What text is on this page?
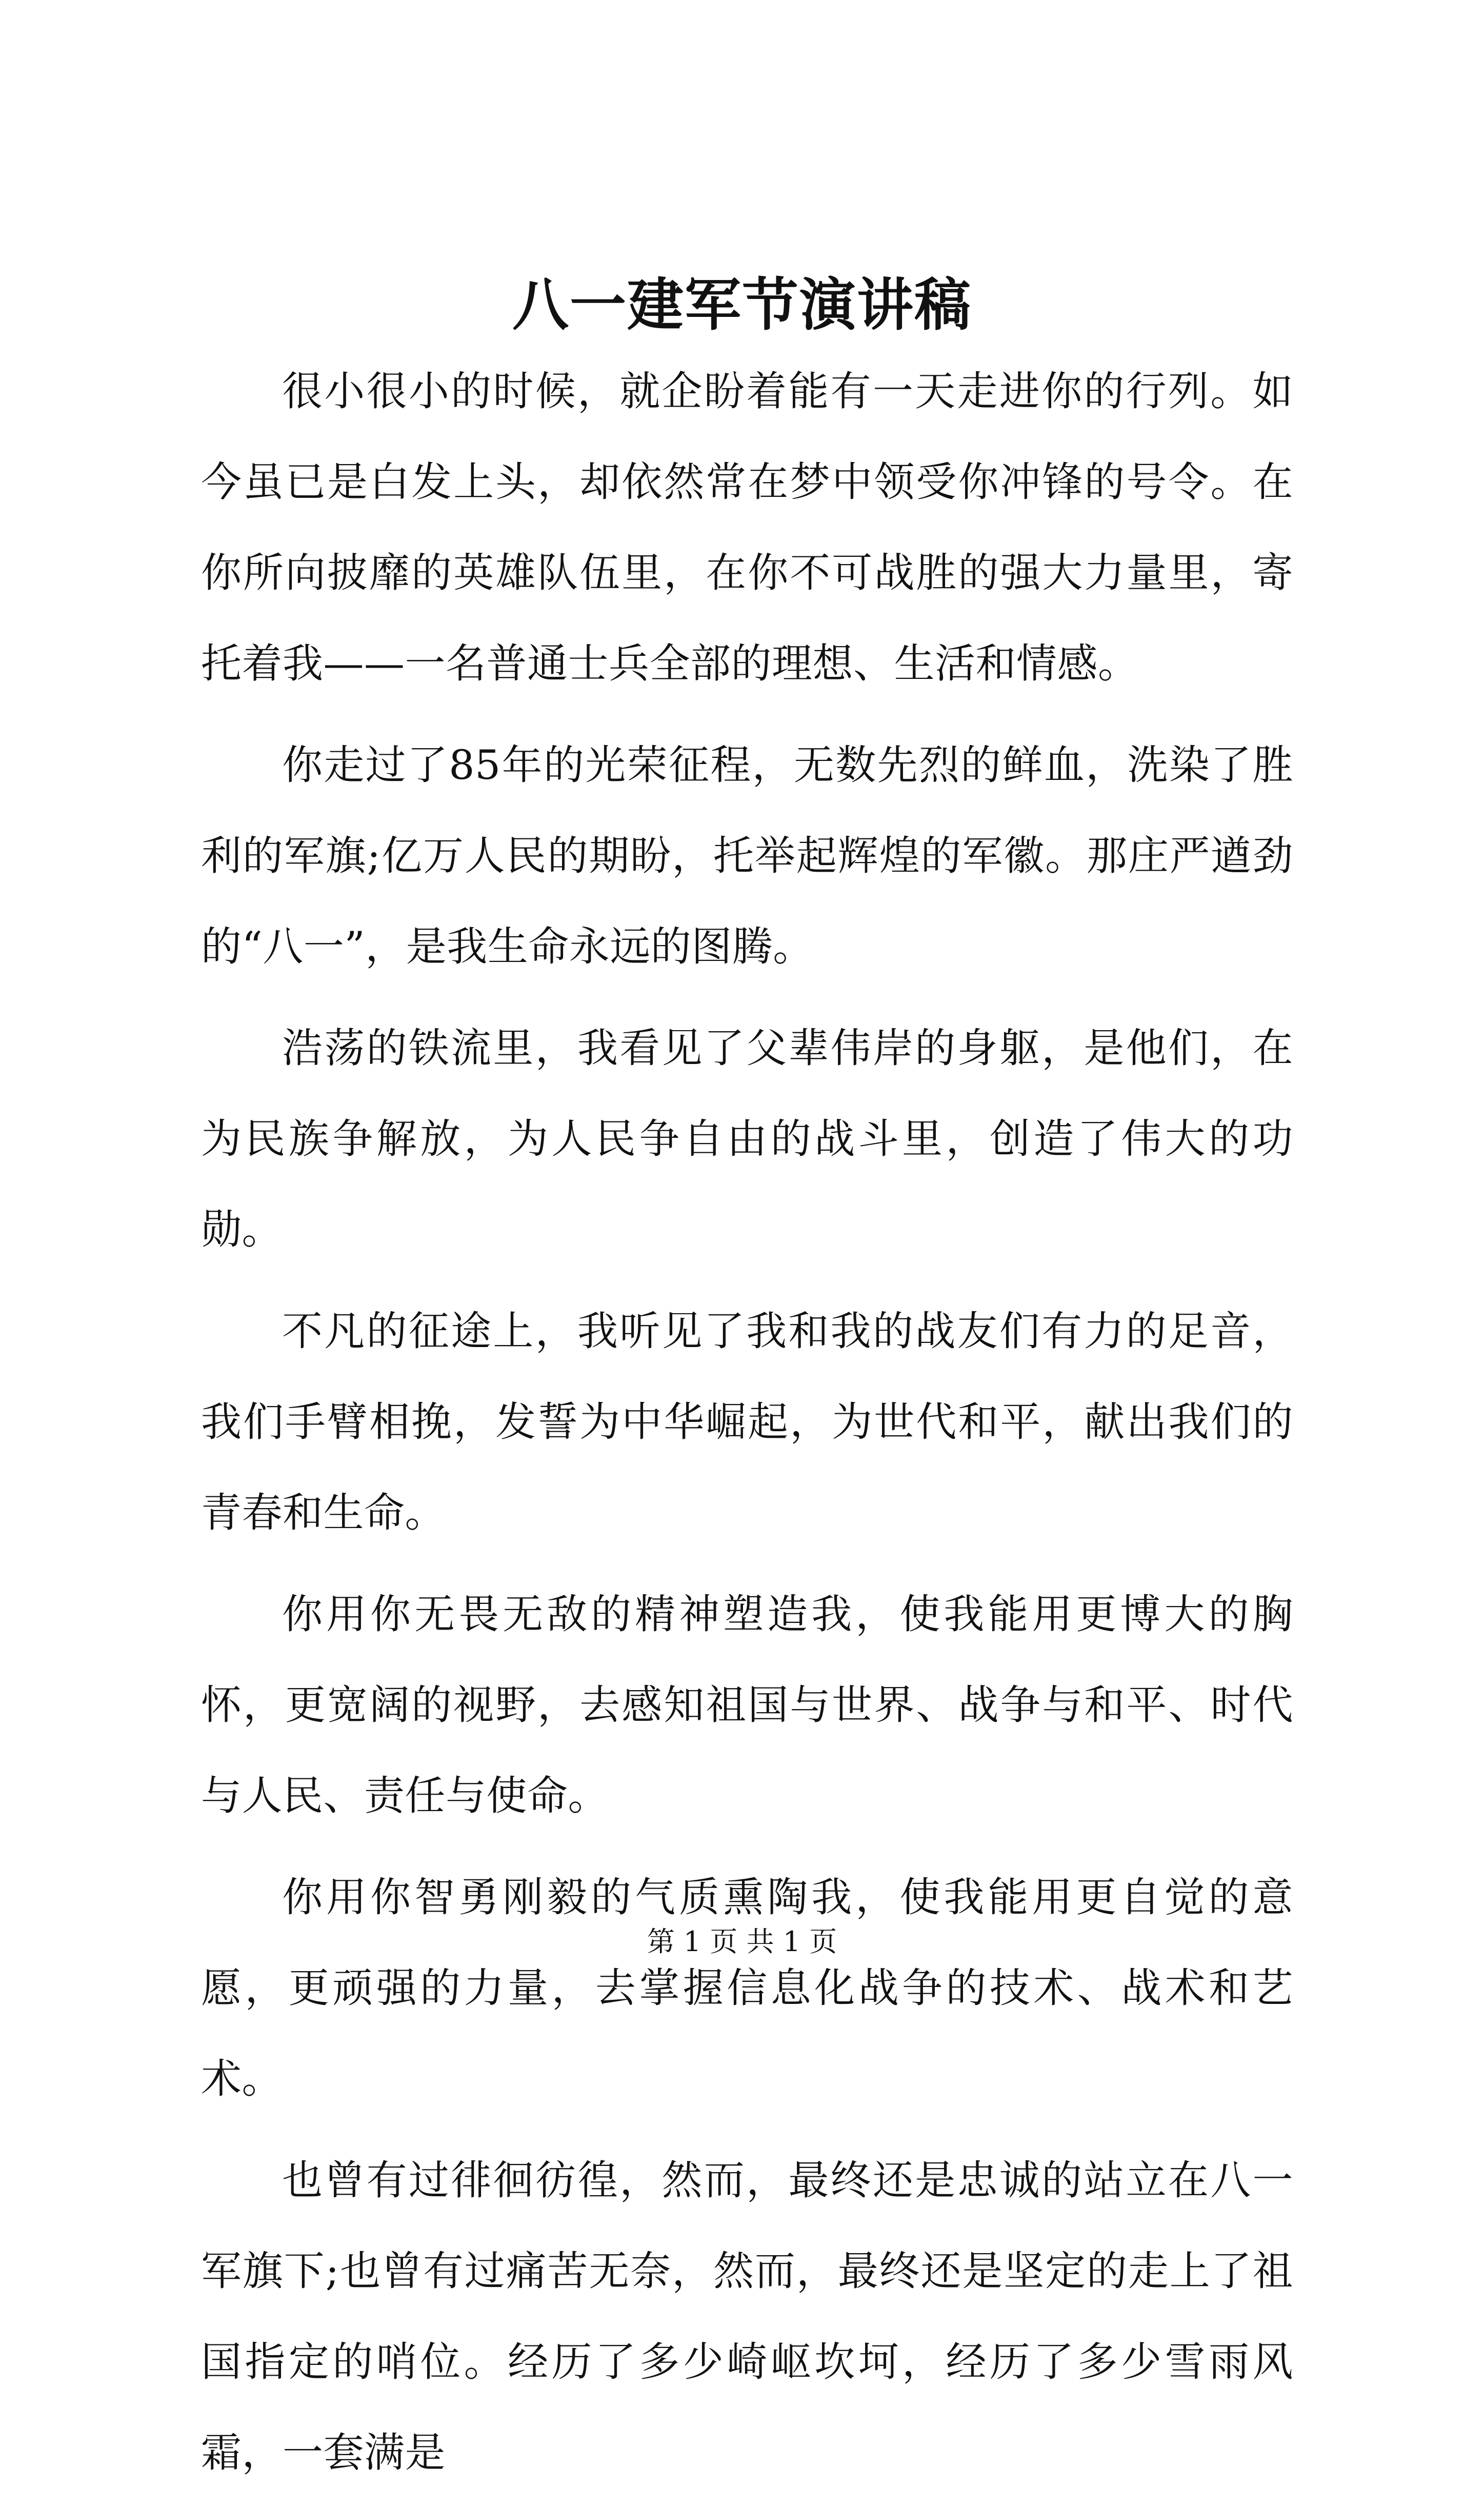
八一建军节演讲稿

很小很小的时候，就企盼着能有一天走进你的行列。如今虽已是白发上头，却依然常在梦中领受你冲锋的号令。在你所向披靡的英雄队伍里，在你不可战胜的强大力量里，寄托着我——一名普通士兵全部的理想、生活和情感。

你走过了85年的光荣征程，无数先烈的鲜血，洗染了胜利的军旗;亿万人民的期盼，托举起辉煌的军徽。那庄严遒劲的“八一”，是我生命永远的图腾。

浩荡的铁流里，我看见了父辈伟岸的身躯，是他们，在为民族争解放，为人民争自由的战斗里，创造了伟大的功勋。

不凡的征途上，我听见了我和我的战友们有力的足音，我们手臂相挽，发誓为中华崛起，为世代和平，献出我们的青春和生命。

你用你无畏无敌的精神塑造我，使我能用更博大的胸怀，更宽阔的视野，去感知祖国与世界、战争与和平、时代与人民、责任与使命。

你用你智勇刚毅的气质熏陶我，使我能用更自觉的意愿，更顽强的力量，去掌握信息化战争的技术、战术和艺术。

也曾有过徘徊彷徨，然而，最终还是忠诚的站立在八一军旗下;也曾有过痛苦无奈，然而，最终还是坚定的走上了祖国指定的哨位。经历了多少崎岖坎坷，经历了多少雪雨风霜，一套满是

第 1 页 共 1 页
